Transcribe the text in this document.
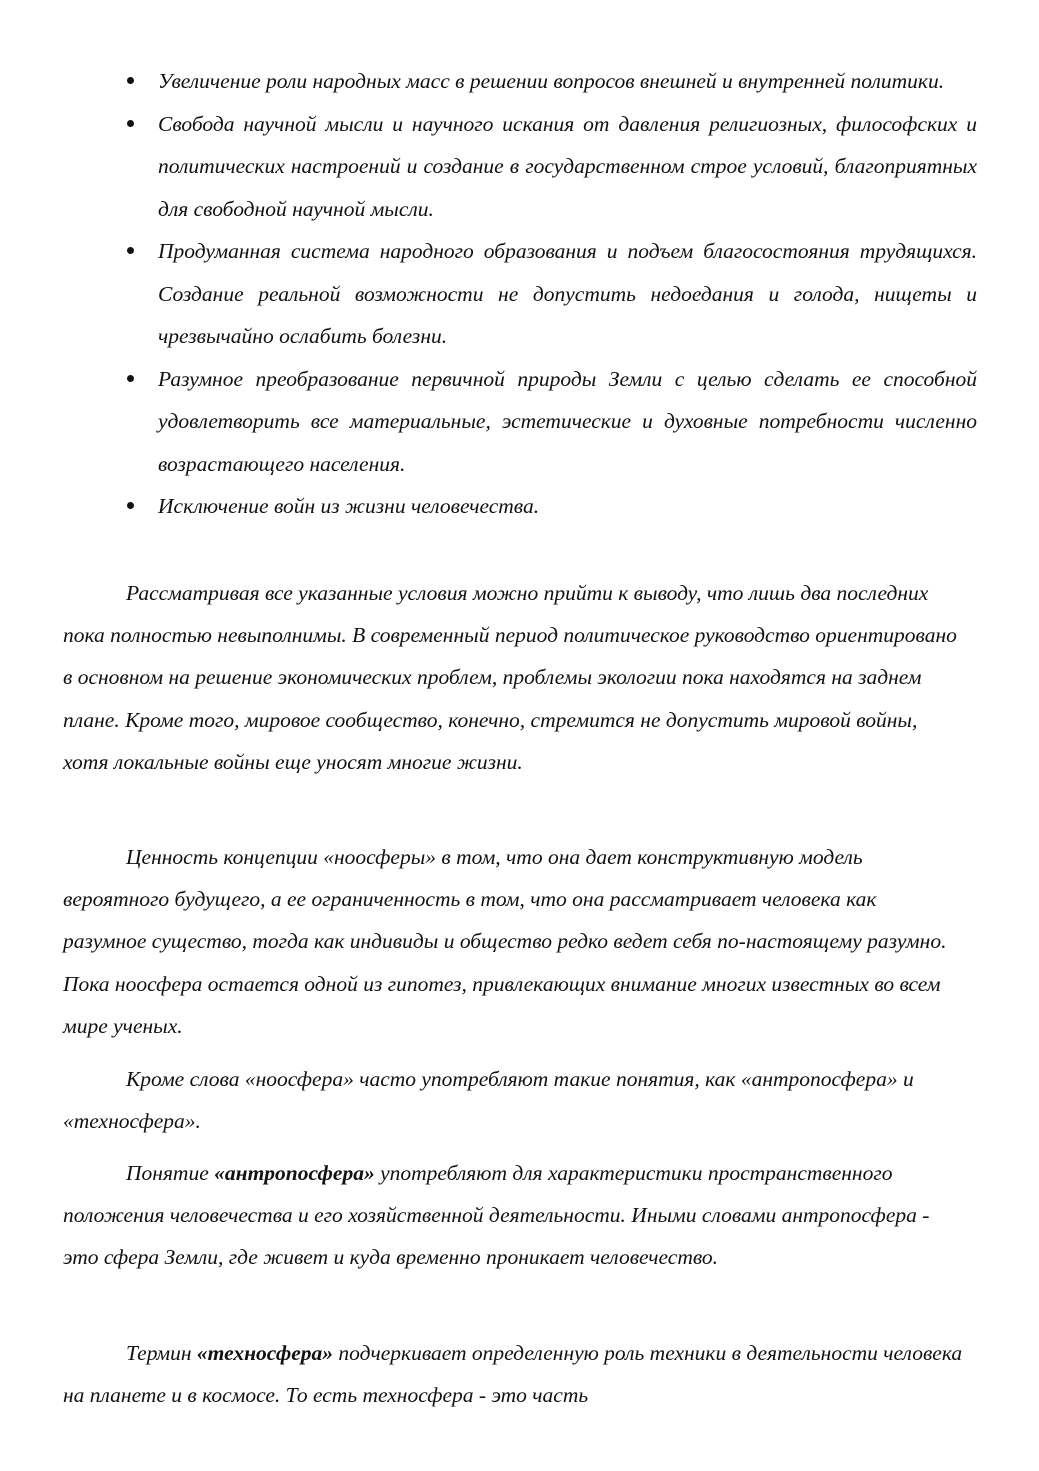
Увеличение роли народных масс в решении вопросов внешней и внутренней политики.
Свобода научной мысли и научного искания от давления религиозных, философских и политических настроений и создание в государственном строе условий, благоприятных для свободной научной мысли.
Продуманная система народного образования и подъем благосостояния трудящихся. Создание реальной возможности не допустить недоедания и голода, нищеты и чрезвычайно ослабить болезни.
Разумное преобразование первичной природы Земли с целью сделать ее способной удовлетворить все материальные, эстетические и духовные потребности численно возрастающего населения.
Исключение войн из жизни человечества.

Рассматривая все указанные условия можно прийти к выводу, что лишь два последних пока полностью невыполнимы. В современный период политическое руководство ориентировано в основном на решение экономических проблем, проблемы экологии пока находятся на заднем плане. Кроме того, мировое сообщество, конечно, стремится не допустить мировой войны, хотя локальные войны еще уносят многие жизни.

Ценность концепции «ноосферы» в том, что она дает конструктивную модель вероятного будущего, а ее ограниченность в том, что она рассматривает человека как разумное существо, тогда как индивиды и общество редко ведет себя по-настоящему разумно. Пока ноосфера остается одной из гипотез, привлекающих внимание многих известных во всем мире ученых.

Кроме слова «ноосфера» часто употребляют такие понятия, как «антропосфера» и «техносфера».

Понятие «антропосфера» употребляют для характеристики пространственного положения человечества и его хозяйственной деятельности. Иными словами антропосфера - это сфера Земли, где живет и куда временно проникает человечество.

Термин «техносфера» подчеркивает определенную роль техники в деятельности человека на планете и в космосе. То есть техносфера - это часть
